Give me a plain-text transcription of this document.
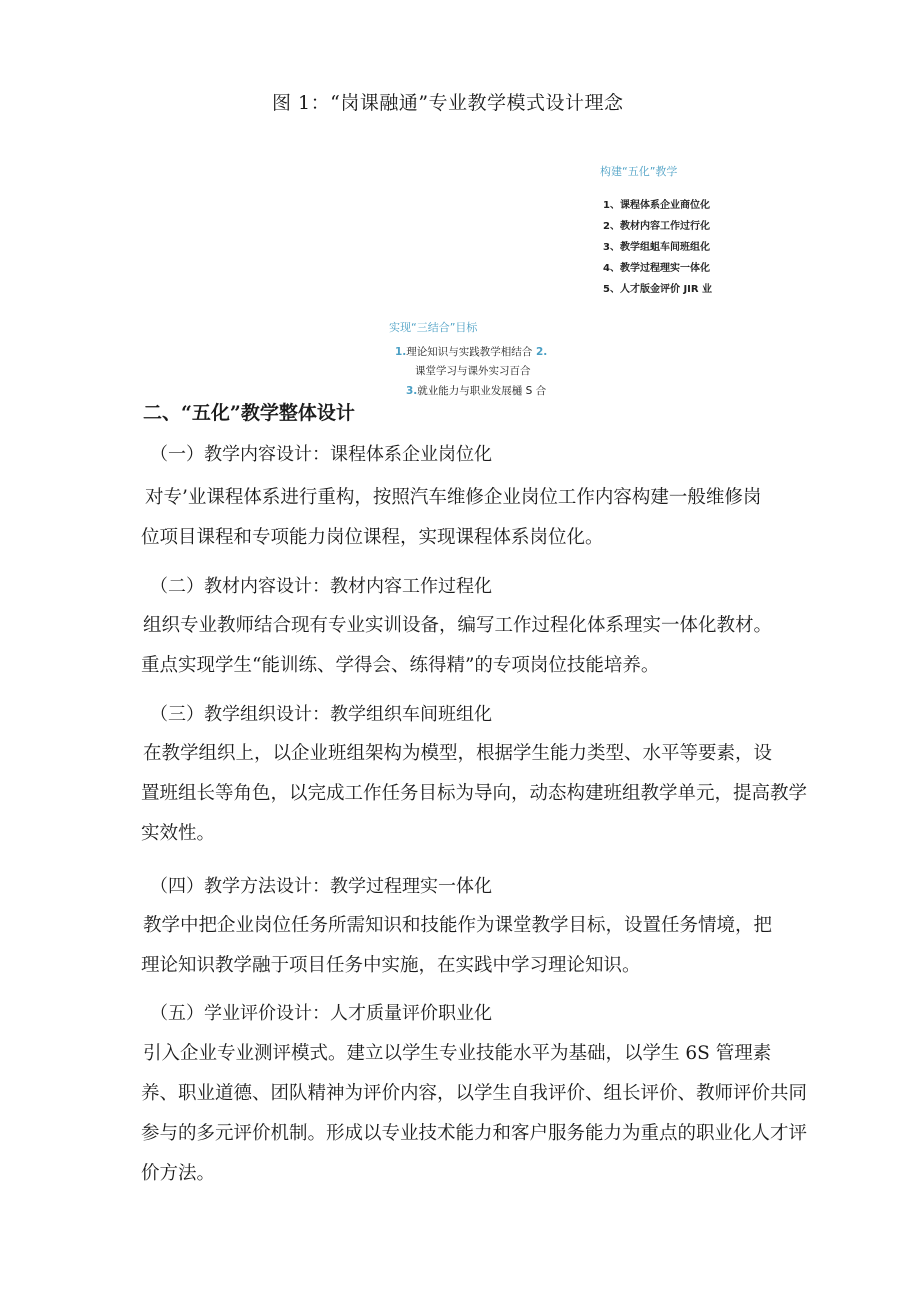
图 1：“岗课融通”专业教学模式设计理念
构建“五化”教学
1、课程体系企业商位化
2、教材内容工作过行化
3、教学组蛆车间班组化
4、教学过程理实一体化
5、人才版金评价 JIR 业
实现“三结合”目标
1.理论知识与实践教学相结合 2.
课堂学习与课外实习百合
3.就业能力与职业发展樋 S 合
二、“五化”教学整体设计
（一）教学内容设计：课程体系企业岗位化

对专’业课程体系进行重构，按照汽车维修企业岗位工作内容构建一般维修岗

位项目课程和专项能力岗位课程，实现课程体系岗位化。

（二）教材内容设计：教材内容工作过程化

组织专业教师结合现有专业实训设备，编写工作过程化体系理实一体化教材。

重点实现学生“能训练、学得会、练得精”的专项岗位技能培养。

（三）教学组织设计：教学组织车间班组化

在教学组织上，以企业班组架构为模型，根据学生能力类型、水平等要素，设

置班组长等角色，以完成工作任务目标为导向，动态构建班组教学单元，提高教学

实效性。

（四）教学方法设计：教学过程理实一体化

教学中把企业岗位任务所需知识和技能作为课堂教学目标，设置任务情境，把

理论知识教学融于项目任务中实施，在实践中学习理论知识。

（五）学业评价设计：人才质量评价职业化

引入企业专业测评模式。建立以学生专业技能水平为基础，以学生 6S 管理素

养、职业道德、团队精神为评价内容，以学生自我评价、组长评价、教师评价共同

参与的多元评价机制。形成以专业技术能力和客户服务能力为重点的职业化人才评

价方法。
